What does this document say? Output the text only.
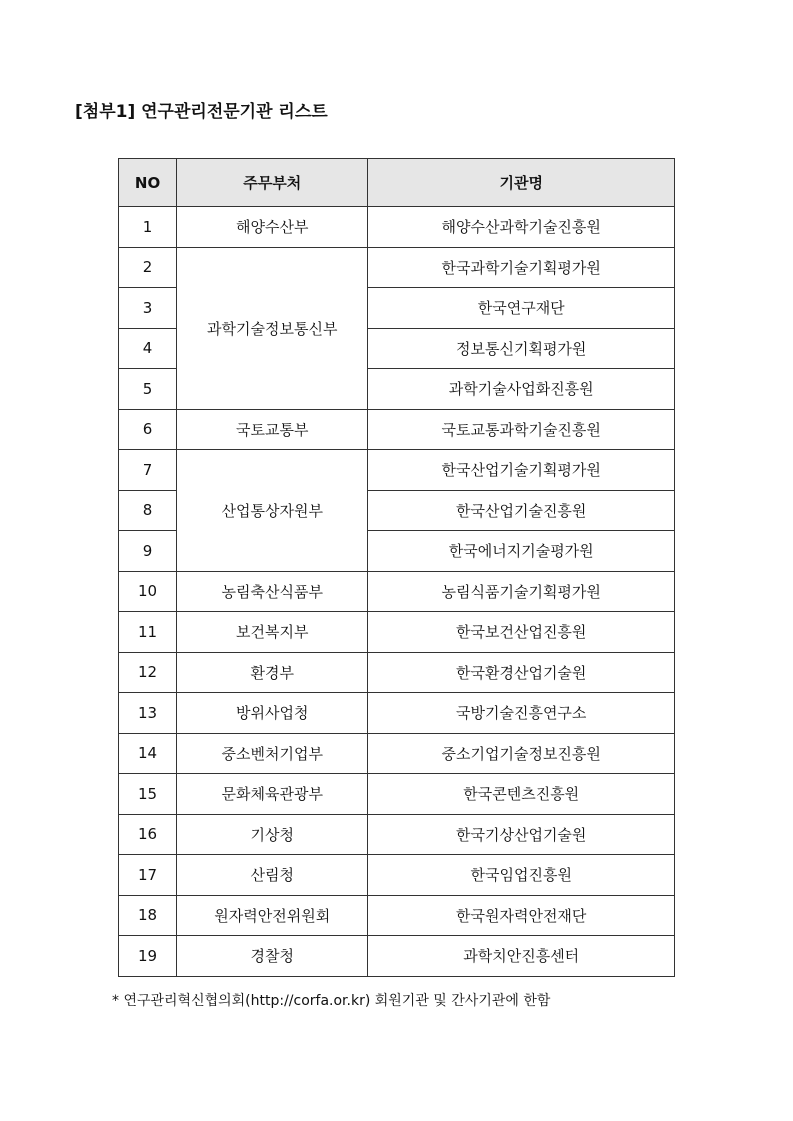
[첨부1] 연구관리전문기관 리스트
NO	주무부처	기관명
1	해양수산부	해양수산과학기술진흥원
2	과학기술정보통신부	한국과학기술기획평가원
3		한국연구재단
4		정보통신기획평가원
5		과학기술사업화진흥원
6	국토교통부	국토교통과학기술진흥원
7	산업통상자원부	한국산업기술기획평가원
8		한국산업기술진흥원
9		한국에너지기술평가원
10	농림축산식품부	농림식품기술기획평가원
11	보건복지부	한국보건산업진흥원
12	환경부	한국환경산업기술원
13	방위사업청	국방기술진흥연구소
14	중소벤처기업부	중소기업기술정보진흥원
15	문화체육관광부	한국콘텐츠진흥원
16	기상청	한국기상산업기술원
17	산림청	한국임업진흥원
18	원자력안전위원회	한국원자력안전재단
19	경찰청	과학치안진흥센터
* 연구관리혁신협의회(http://corfa.or.kr) 회원기관 및 간사기관에 한함
